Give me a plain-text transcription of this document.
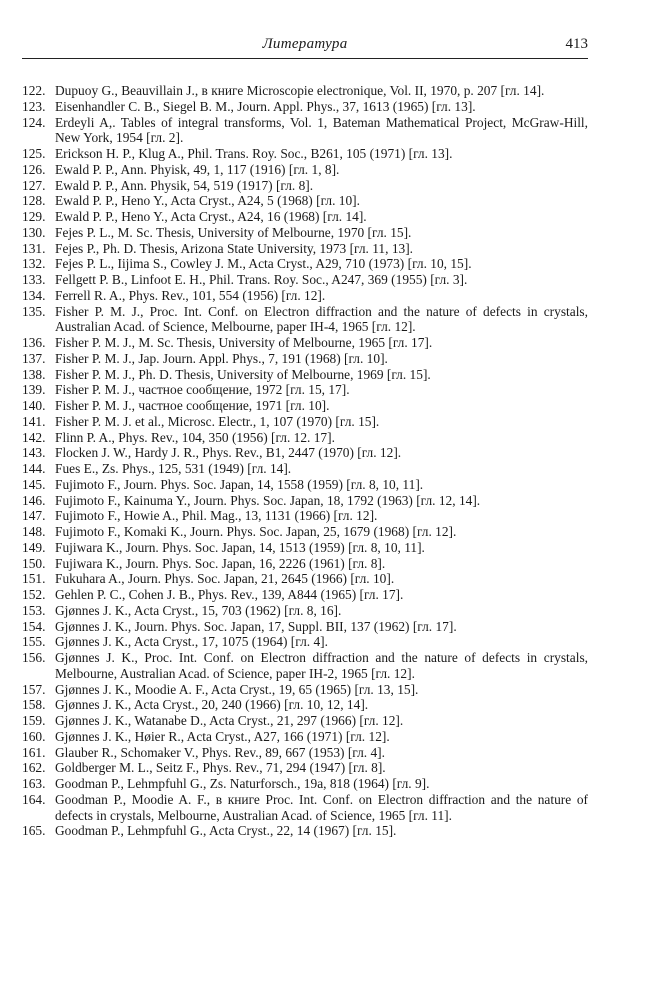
Литература	413
122. Dupuoy G., Beauvillain J., в книге Microscopie electronique, Vol. II, 1970, p. 207 [гл. 14].
123. Eisenhandler C. B., Siegel B. M., Journ. Appl. Phys., 37, 1613 (1965) [гл. 13].
124. Erdeyli A,. Tables of integral transforms, Vol. 1, Bateman Mathematical Project, McGraw-Hill, New York, 1954 [гл. 2].
125. Erickson H. P., Klug A., Phil. Trans. Roy. Soc., B261, 105 (1971) [гл. 13].
126. Ewald P. P., Ann. Phyisk, 49, 1, 117 (1916) [гл. 1, 8].
127. Ewald P. P., Ann. Physik, 54, 519 (1917) [гл. 8].
128. Ewald P. P., Heno Y., Acta Cryst., A24, 5 (1968) [гл. 10].
129. Ewald P. P., Heno Y., Acta Cryst., A24, 16 (1968) [гл. 14].
130. Fejes P. L., M. Sc. Thesis, University of Melbourne, 1970 [гл. 15].
131. Fejes P., Ph. D. Thesis, Arizona State University, 1973 [гл. 11, 13].
132. Fejes P. L., Iijima S., Cowley J. M., Acta Cryst., A29, 710 (1973) [гл. 10, 15].
133. Fellgett P. B., Linfoot E. H., Phil. Trans. Roy. Soc., A247, 369 (1955) [гл. 3].
134. Ferrell R. A., Phys. Rev., 101, 554 (1956) [гл. 12].
135. Fisher P. M. J., Proc. Int. Conf. on Electron diffraction and the nature of defects in crystals, Australian Acad. of Science, Melbourne, paper IH-4, 1965 [гл. 12].
136. Fisher P. M. J., M. Sc. Thesis, University of Melbourne, 1965 [гл. 17].
137. Fisher P. M. J., Jap. Journ. Appl. Phys., 7, 191 (1968) [гл. 10].
138. Fisher P. M. J., Ph. D. Thesis, University of Melbourne, 1969 [гл. 15].
139. Fisher P. M. J., частное сообщение, 1972 [гл. 15, 17].
140. Fisher P. M. J., частное сообщение, 1971 [гл. 10].
141. Fisher P. M. J. et al., Microsc. Electr., 1, 107 (1970) [гл. 15].
142. Flinn P. A., Phys. Rev., 104, 350 (1956) [гл. 12. 17].
143. Flocken J. W., Hardy J. R., Phys. Rev., B1, 2447 (1970) [гл. 12].
144. Fues E., Zs. Phys., 125, 531 (1949) [гл. 14].
145. Fujimoto F., Journ. Phys. Soc. Japan, 14, 1558 (1959) [гл. 8, 10, 11].
146. Fujimoto F., Kainuma Y., Journ. Phys. Soc. Japan, 18, 1792 (1963) [гл. 12, 14].
147. Fujimoto F., Howie A., Phil. Mag., 13, 1131 (1966) [гл. 12].
148. Fujimoto F., Komaki K., Journ. Phys. Soc. Japan, 25, 1679 (1968) [гл. 12].
149. Fujiwara K., Journ. Phys. Soc. Japan, 14, 1513 (1959) [гл. 8, 10, 11].
150. Fujiwara K., Journ. Phys. Soc. Japan, 16, 2226 (1961) [гл. 8].
151. Fukuhara A., Journ. Phys. Soc. Japan, 21, 2645 (1966) [гл. 10].
152. Gehlen P. C., Cohen J. B., Phys. Rev., 139, A844 (1965) [гл. 17].
153. Gjønnes J. K., Acta Cryst., 15, 703 (1962) [гл. 8, 16].
154. Gjønnes J. K., Journ. Phys. Soc. Japan, 17, Suppl. BII, 137 (1962) [гл. 17].
155. Gjønnes J. K., Acta Cryst., 17, 1075 (1964) [гл. 4].
156. Gjønnes J. K., Proc. Int. Conf. on Electron diffraction and the nature of defects in crystals, Melbourne, Australian Acad. of Science, paper IH-2, 1965 [гл. 12].
157. Gjønnes J. K., Moodie A. F., Acta Cryst., 19, 65 (1965) [гл. 13, 15].
158. Gjønnes J. K., Acta Cryst., 20, 240 (1966) [гл. 10, 12, 14].
159. Gjønnes J. K., Watanabe D., Acta Cryst., 21, 297 (1966) [гл. 12].
160. Gjønnes J. K., Høier R., Acta Cryst., A27, 166 (1971) [гл. 12].
161. Glauber R., Schomaker V., Phys. Rev., 89, 667 (1953) [гл. 4].
162. Goldberger M. L., Seitz F., Phys. Rev., 71, 294 (1947) [гл. 8].
163. Goodman P., Lehmpfuhl G., Zs. Naturforsch., 19a, 818 (1964) [гл. 9].
164. Goodman P., Moodie A. F., в книге Proc. Int. Conf. on Electron diffraction and the nature of defects in crystals, Melbourne, Australian Acad. of Science, 1965 [гл. 11].
165. Goodman P., Lehmpfuhl G., Acta Cryst., 22, 14 (1967) [гл. 15].
